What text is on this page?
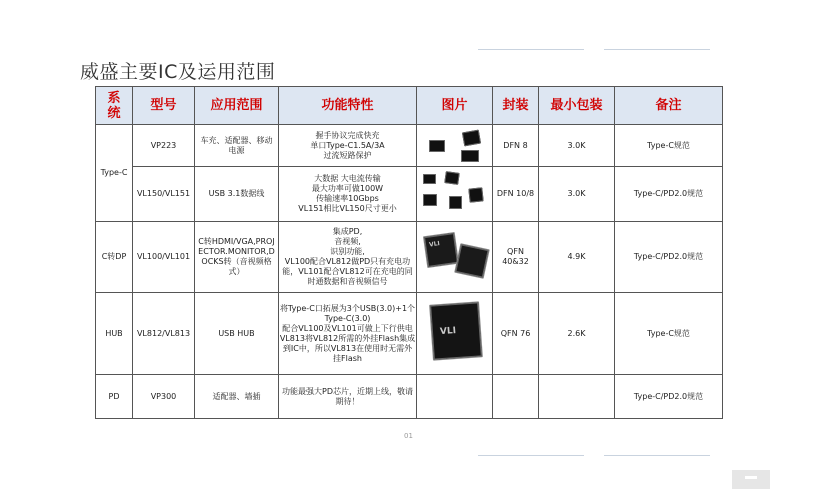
威盛主要IC及运用范围
系统	型号	应用范围	功能特性	图片	封装	最小包装	备注
Type-C	VP223	车充、适配器、移动电源	握手协议完成快充
单口Type-C1.5A/3A
过流短路保护		DFN 8	3.0K	Type-C规范
	VL150/VL151	USB 3.1数据线	大数据 大电流传输
最大功率可做100W
传输速率10Gbps
VL151相比VL150尺寸更小		DFN 10/8	3.0K	Type-C/PD2.0规范
C转DP	VL100/VL101	C转HDMI/VGA,PROJECTOR.MONITOR,DOCKS转（音视频格式）	集成PD,
音视频,
识别功能,
VL100配合VL812做PD只有充电功能，VL101配合VL812可在充电的同时通数据和音视频信号	VLI	QFN 40&32	4.9K	Type-C/PD2.0规范
HUB	VL812/VL813	USB HUB	将Type-C口拓展为3个USB(3.0)+1个Type-C(3.0)
配合VL100及VL101可做上下行供电
VL813将VL812所需的外挂Flash集成到IC中，所以VL813在使用时无需外挂Flash	VLI	QFN 76	2.6K	Type-C规范
PD	VP300	适配器、墙插	功能最强大PD芯片，近期上线，敬请期待！				Type-C/PD2.0规范
01
